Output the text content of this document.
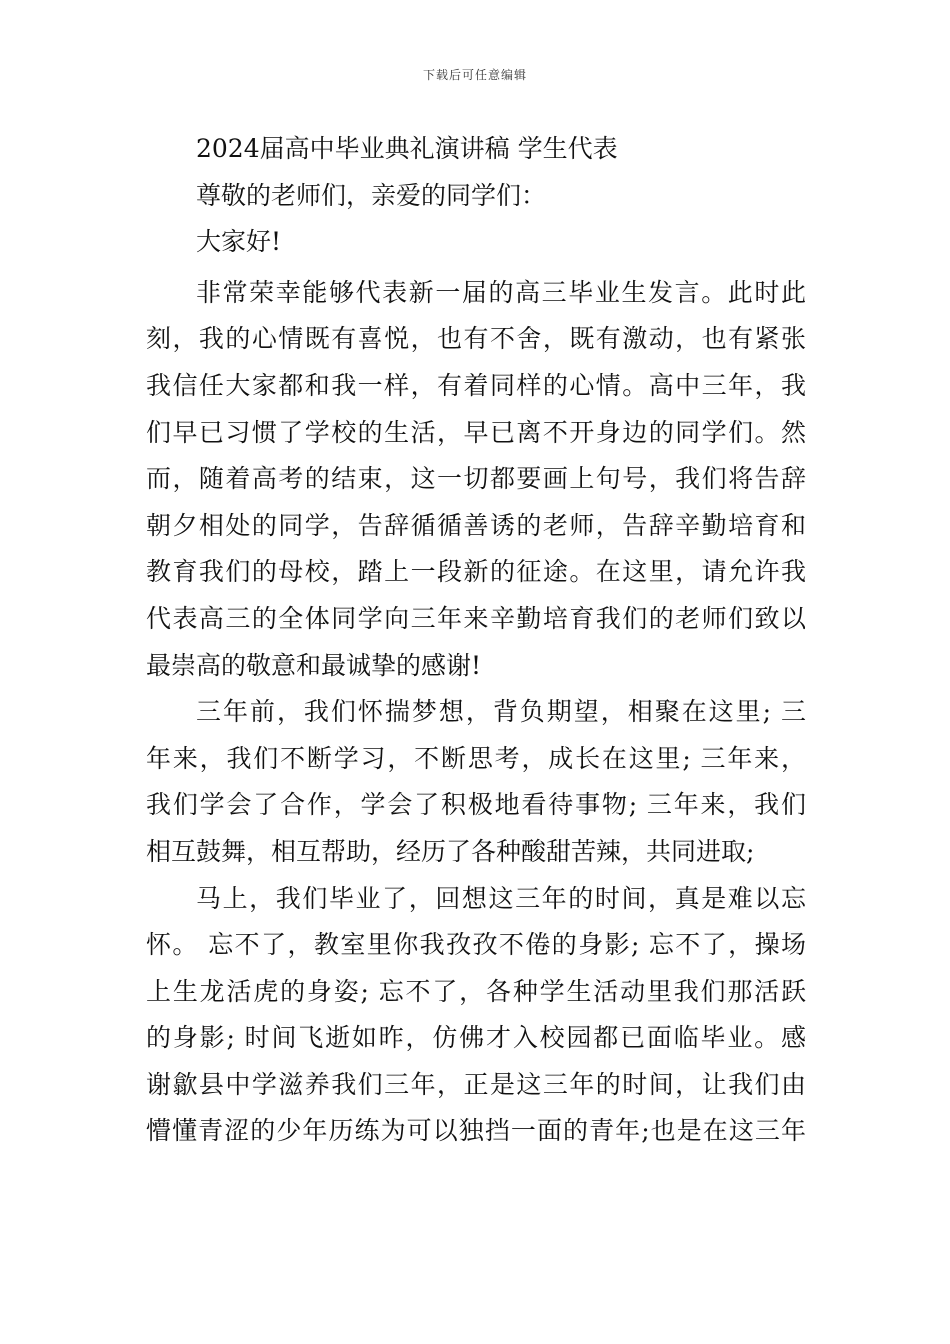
下载后可任意编辑
2024届高中毕业典礼演讲稿 学生代表
尊敬的老师们，亲爱的同学们：
大家好!
非常荣幸能够代表新一届的高三毕业生发言。此时此
刻，我的心情既有喜悦，也有不舍，既有激动，也有紧张
我信任大家都和我一样，有着同样的心情。高中三年，我
们早已习惯了学校的生活，早已离不开身边的同学们。然
而，随着高考的结束，这一切都要画上句号，我们将告辞
朝夕相处的同学，告辞循循善诱的老师，告辞辛勤培育和
教育我们的母校，踏上一段新的征途。在这里，请允许我
代表高三的全体同学向三年来辛勤培育我们的老师们致以
最崇高的敬意和最诚挚的感谢!
三年前，我们怀揣梦想，背负期望，相聚在这里; 三
年来，我们不断学习，不断思考，成长在这里; 三年来，
我们学会了合作，学会了积极地看待事物; 三年来，我们
相互鼓舞，相互帮助，经历了各种酸甜苦辣，共同进取;
马上，我们毕业了，回想这三年的时间，真是难以忘
怀。 忘不了，教室里你我孜孜不倦的身影; 忘不了，操场
上生龙活虎的身姿; 忘不了，各种学生活动里我们那活跃
的身影; 时间飞逝如昨，仿佛才入校园都已面临毕业。感
谢歙县中学滋养我们三年，正是这三年的时间，让我们由
懵懂青涩的少年历练为可以独挡一面的青年;也是在这三年
